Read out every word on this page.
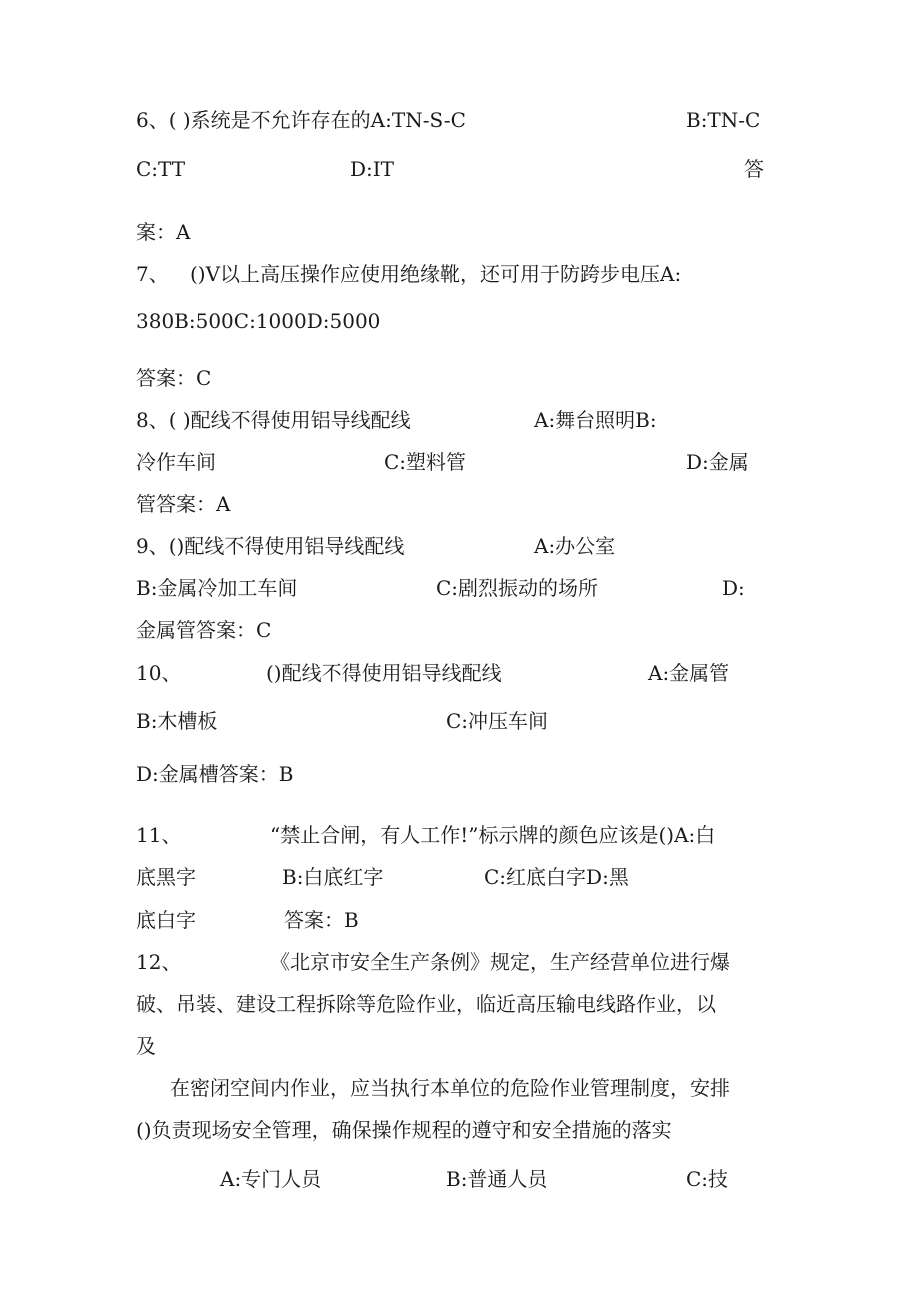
6、( )系统是不允许存在的A:TN-S-C	B:TN-C
C:TT	D:IT	答
案：A
7、 ()V以上高压操作应使用绝缘靴，还可用于防跨步电压A:
380B:500C:1000D:5000
答案：C
8、( )配线不得使用铝导线配线	A:舞台照明B:
冷作车间	C:塑料管	D:金属
管答案：A
9、()配线不得使用铝导线配线	A:办公室
B:金属冷加工车间	C:剧烈振动的场所	D:
金属管答案：C
10、	()配线不得使用铝导线配线	A:金属管
B:木槽板	C:冲压车间
D:金属槽答案：B
11、	“禁止合闸，有人工作!”标示牌的颜色应该是()A:白
底黑字	B:白底红字	C:红底白字D:黑
底白字	答案：B
12、	《北京市安全生产条例》规定，生产经营单位进行爆
破、吊装、建设工程拆除等危险作业，临近高压输电线路作业，以
及
在密闭空间内作业，应当执行本单位的危险作业管理制度，安排
()负责现场安全管理，确保操作规程的遵守和安全措施的落实
A:专门人员	B:普通人员	C:技
